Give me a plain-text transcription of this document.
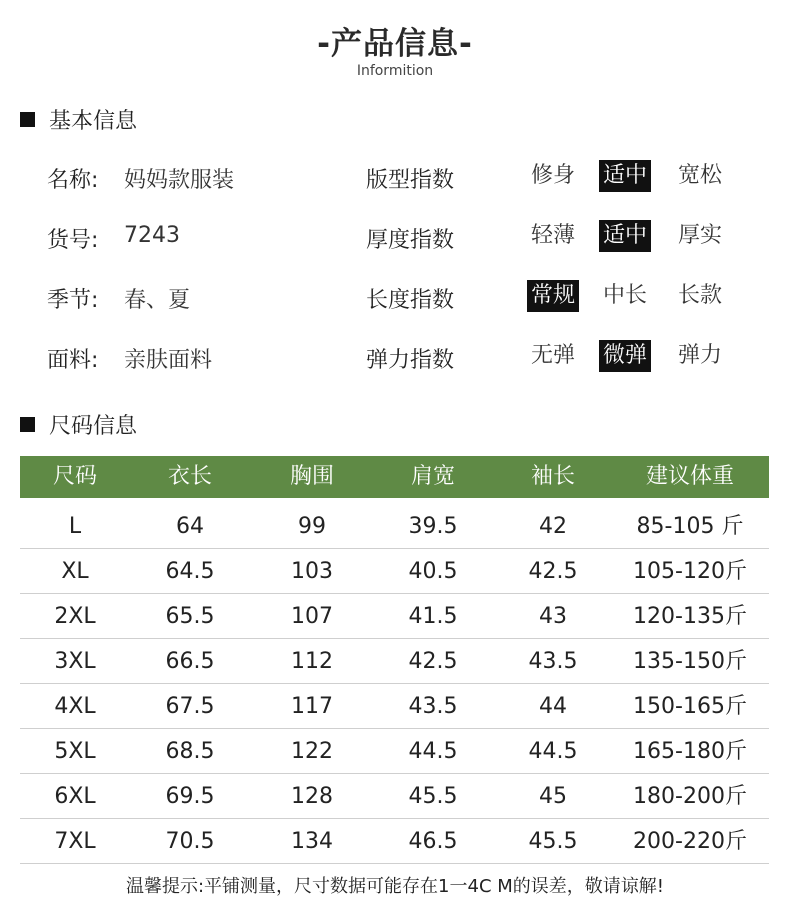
-产品信息-
Informition
基本信息
名称: 妈妈款服装	版型指数	修身 适中 宽松
货号: 7243	厚度指数	轻薄 适中 厚实
季节: 春、夏	长度指数	常规 中长 长款
面料: 亲肤面料	弹力指数	无弹 微弹 弹力
尺码信息
尺码	衣长	胸围	肩宽	袖长	建议体重
L	64	99	39.5	42	85-105 斤
XL	64.5	103	40.5	42.5	105-120斤
2XL	65.5	107	41.5	43	120-135斤
3XL	66.5	112	42.5	43.5	135-150斤
4XL	67.5	117	43.5	44	150-165斤
5XL	68.5	122	44.5	44.5	165-180斤
6XL	69.5	128	45.5	45	180-200斤
7XL	70.5	134	46.5	45.5	200-220斤
温馨提示:平铺测量，尺寸数据可能存在1一4C M的误差，敬请谅解!
